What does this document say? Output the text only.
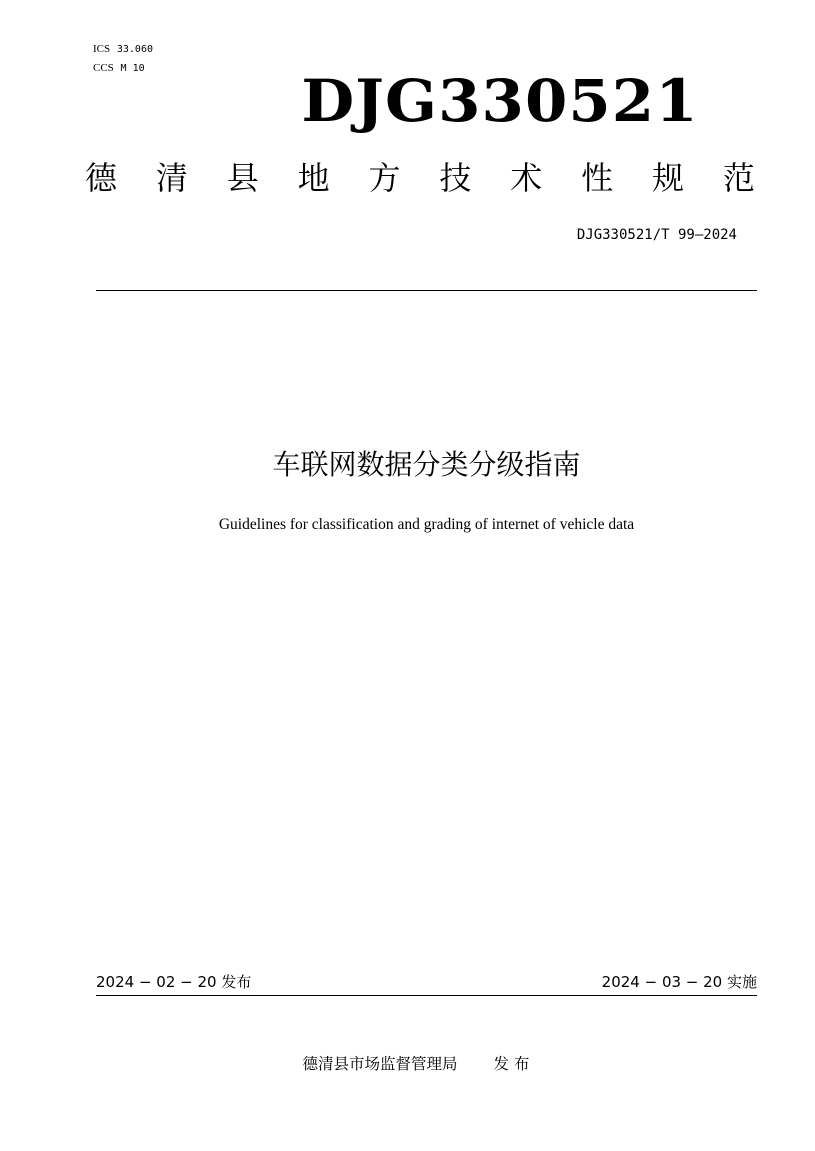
ICS 33.060
CCS M 10	DJG330521
德 清 县 地 方 技 术 性 规 范
DJG330521/T 99—2024
车联网数据分类分级指南
Guidelines for classification and grading of internet of vehicle data
2024 − 02 − 20 发布	2024 − 03 − 20 实施
德清县市场监督管理局 发 布
